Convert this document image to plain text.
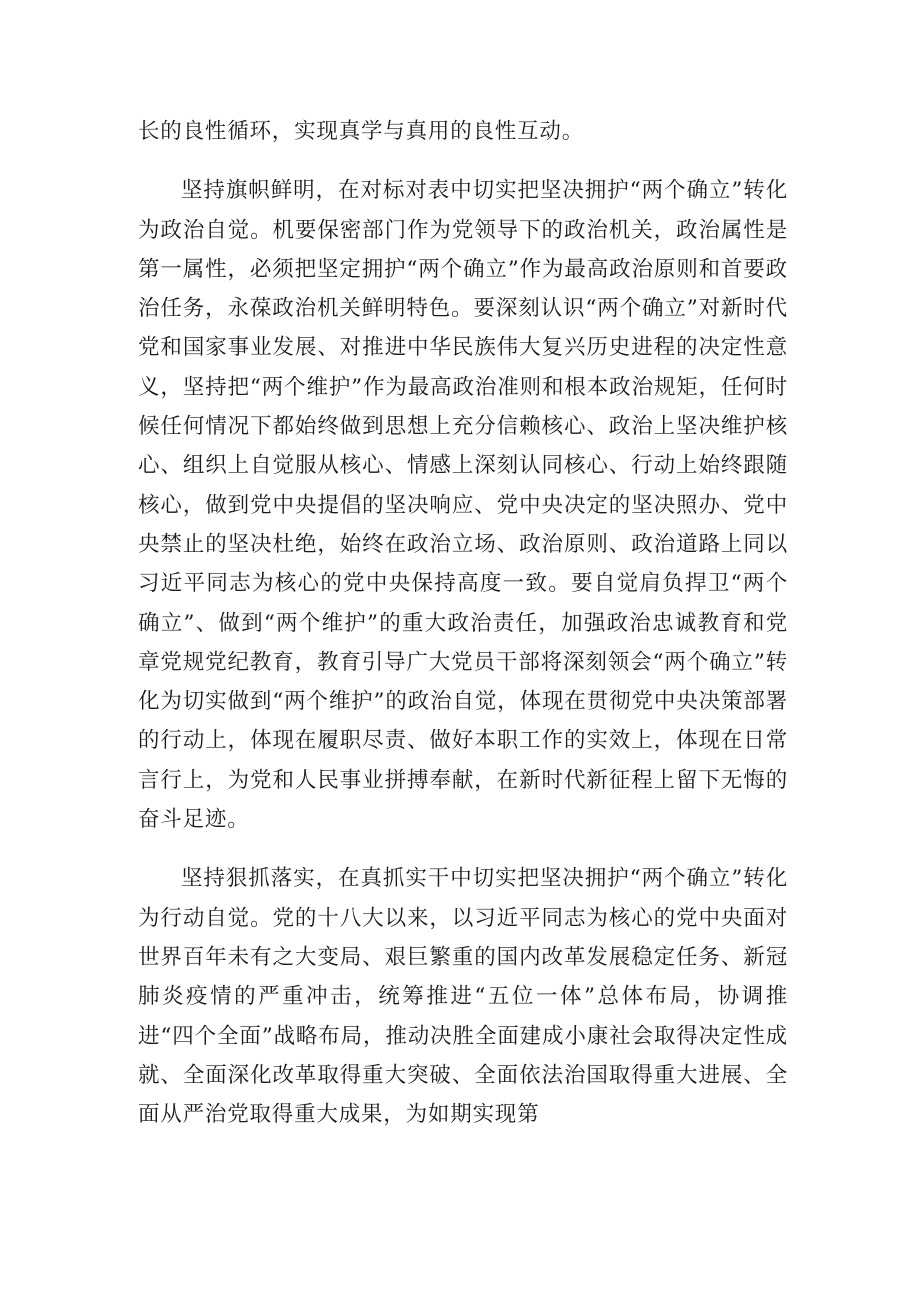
长的良性循环，实现真学与真用的良性互动。

坚持旗帜鲜明，在对标对表中切实把坚决拥护“两个确立”转化为政治自觉。机要保密部门作为党领导下的政治机关，政治属性是第一属性，必须把坚定拥护“两个确立”作为最高政治原则和首要政治任务，永葆政治机关鲜明特色。要深刻认识“两个确立”对新时代党和国家事业发展、对推进中华民族伟大复兴历史进程的决定性意义，坚持把“两个维护”作为最高政治准则和根本政治规矩，任何时候任何情况下都始终做到思想上充分信赖核心、政治上坚决维护核心、组织上自觉服从核心、情感上深刻认同核心、行动上始终跟随核心，做到党中央提倡的坚决响应、党中央决定的坚决照办、党中央禁止的坚决杜绝，始终在政治立场、政治原则、政治道路上同以习近平同志为核心的党中央保持高度一致。要自觉肩负捍卫“两个确立”、做到“两个维护”的重大政治责任，加强政治忠诚教育和党章党规党纪教育，教育引导广大党员干部将深刻领会“两个确立”转化为切实做到“两个维护”的政治自觉，体现在贯彻党中央决策部署的行动上，体现在履职尽责、做好本职工作的实效上，体现在日常言行上，为党和人民事业拼搏奉献，在新时代新征程上留下无悔的奋斗足迹。

坚持狠抓落实，在真抓实干中切实把坚决拥护“两个确立”转化为行动自觉。党的十八大以来，以习近平同志为核心的党中央面对世界百年未有之大变局、艰巨繁重的国内改革发展稳定任务、新冠肺炎疫情的严重冲击，统筹推进“五位一体”总体布局，协调推进“四个全面”战略布局，推动决胜全面建成小康社会取得决定性成就、全面深化改革取得重大突破、全面依法治国取得重大进展、全面从严治党取得重大成果，为如期实现第
